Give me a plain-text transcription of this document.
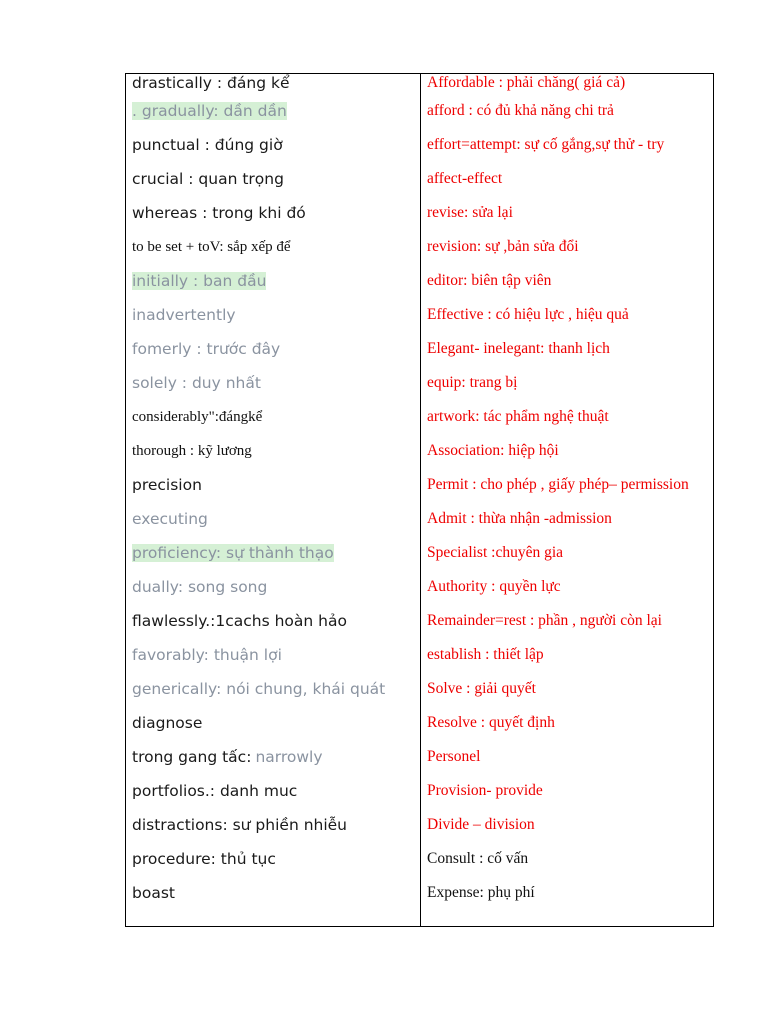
drastically : đáng kể
. gradually: dần dần
punctual : đúng giờ
crucial : quan trọng
whereas : trong khi đó
to be set + toV: sắp xếp để
initially : ban đầu
inadvertently
fomerly : trước đây
solely : duy nhất
considerably":đángkể
thorough : kỹ lương
precision
executing
proficiency: sự thành thạo
dually: song song
flawlessly.:1cachs hoàn hảo
favorably: thuận lợi
generically: nói chung, khái quát
diagnose
trong gang tấc: narrowly
portfolios.: danh muc
distractions: sư phiền nhiễu
procedure: thủ tục
boast
Affordable : phải chăng( giá cả)
afford : có đủ khả năng chi trả
effort=attempt: sự cố gắng,sự thử - try
affect-effect
revise: sửa lại
revision: sự ,bản sửa đổi
editor: biên tập viên
Effective : có hiệu lực , hiệu quả
Elegant- inelegant: thanh lịch
equip: trang bị
artwork: tác phẩm nghệ thuật
Association: hiệp hội
Permit : cho phép , giấy phép– permission
Admit : thừa nhận -admission
Specialist :chuyên gia
Authority : quyền lực
Remainder=rest : phần , người còn lại
establish : thiết lập
Solve : giải quyết
Resolve : quyết định
Personel
Provision- provide
Divide – division
Consult : cố vấn
Expense: phụ phí
